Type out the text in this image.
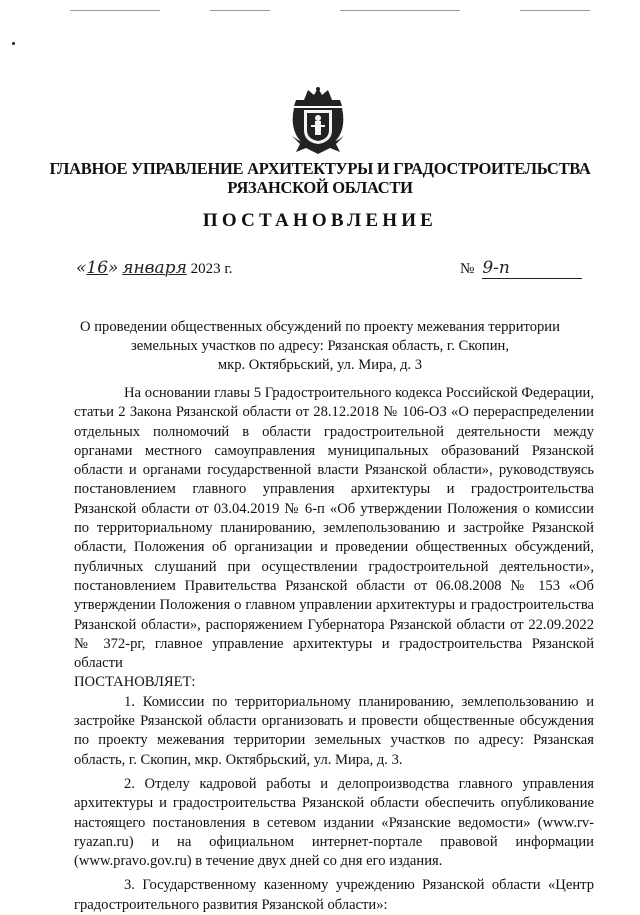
ГЛАВНОЕ УПРАВЛЕНИЕ АРХИТЕКТУРЫ И ГРАДОСТРОИТЕЛЬСТВА
РЯЗАНСКОЙ ОБЛАСТИ
ПОСТАНОВЛЕНИЕ
«16» января 2023 г.	№ 9-п
О проведении общественных обсуждений по проекту межевания территории
земельных участков по адресу: Рязанская область, г. Скопин,
мкр. Октябрьский, ул. Мира, д. 3

На основании главы 5 Градостроительного кодекса Российской Федерации, статьи 2 Закона Рязанской области от 28.12.2018 № 106-ОЗ «О перераспределении отдельных полномочий в области градостроительной деятельности между органами местного самоуправления муниципальных образований Рязанской области и органами государственной власти Рязанской области», руководствуясь постановлением главного управления архитектуры и градостроительства Рязанской области от 03.04.2019 № 6-п «Об утверждении Положения о комиссии по территориальному планированию, землепользованию и застройке Рязанской области, Положения об организации и проведении общественных обсуждений, публичных слушаний при осуществлении градостроительной деятельности», постановлением Правительства Рязанской области от 06.08.2008 № 153 «Об утверждении Положения о главном управлении архитектуры и градостроительства Рязанской области», распоряжением Губернатора Рязанской области от 22.09.2022 № 372-рг, главное управление архитектуры и градостроительства Рязанской области

ПОСТАНОВЛЯЕТ:

1. Комиссии по территориальному планированию, землепользованию и застройке Рязанской области организовать и провести общественные обсуждения по проекту межевания территории земельных участков по адресу: Рязанская область, г. Скопин, мкр. Октябрьский, ул. Мира, д. 3.

2. Отделу кадровой работы и делопроизводства главного управления архитектуры и градостроительства Рязанской области обеспечить опубликование настоящего постановления в сетевом издании «Рязанские ведомости» (www.rv-ryazan.ru) и на официальном интернет-портале правовой информации (www.pravo.gov.ru) в течение двух дней со дня его издания.

3. Государственному казенному учреждению Рязанской области «Центр градостроительного развития Рязанской области»:
